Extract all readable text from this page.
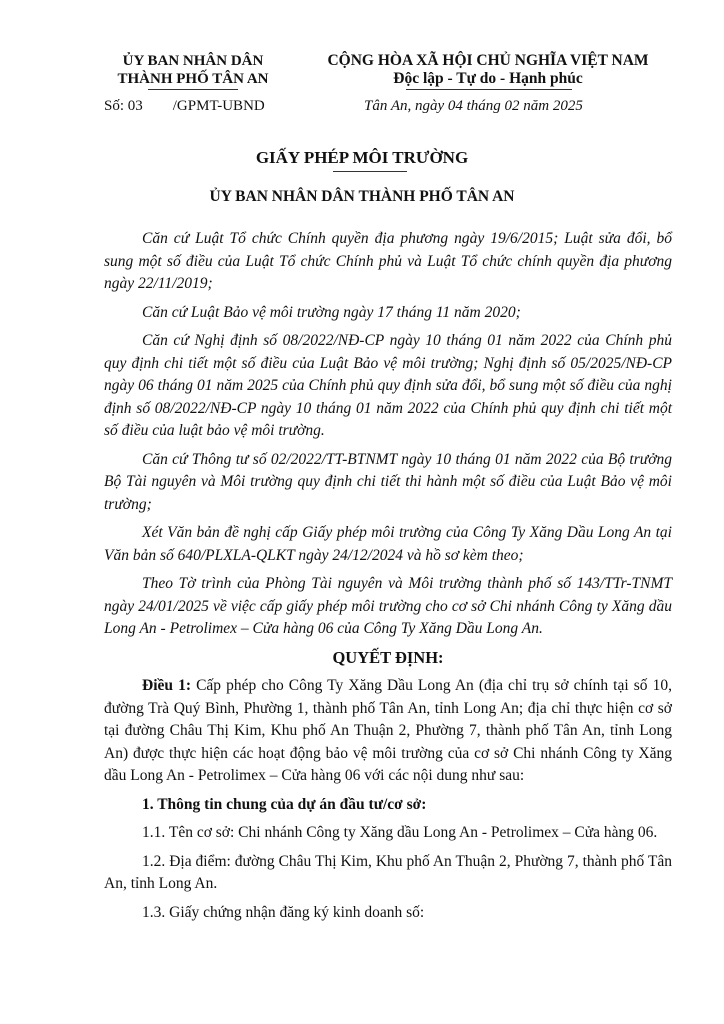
ỦY BAN NHÂN DÂN
THÀNH PHỐ TÂN AN
CỘNG HÒA XÃ HỘI CHỦ NGHĨA VIỆT NAM
Độc lập - Tự do - Hạnh phúc
Số: 03 /GPMT-UBND	Tân An, ngày 04 tháng 02 năm 2025
GIẤY PHÉP MÔI TRƯỜNG
ỦY BAN NHÂN DÂN THÀNH PHỐ TÂN AN

Căn cứ Luật Tổ chức Chính quyền địa phương ngày 19/6/2015; Luật sửa đổi, bổ sung một số điều của Luật Tổ chức Chính phủ và Luật Tổ chức chính quyền địa phương ngày 22/11/2019;

Căn cứ Luật Bảo vệ môi trường ngày 17 tháng 11 năm 2020;

Căn cứ Nghị định số 08/2022/NĐ-CP ngày 10 tháng 01 năm 2022 của Chính phủ quy định chi tiết một số điều của Luật Bảo vệ môi trường; Nghị định số 05/2025/NĐ-CP ngày 06 tháng 01 năm 2025 của Chính phủ quy định sửa đổi, bổ sung một số điều của nghị định số 08/2022/NĐ-CP ngày 10 tháng 01 năm 2022 của Chính phủ quy định chi tiết một số điều của luật bảo vệ môi trường.

Căn cứ Thông tư số 02/2022/TT-BTNMT ngày 10 tháng 01 năm 2022 của Bộ trưởng Bộ Tài nguyên và Môi trường quy định chi tiết thi hành một số điều của Luật Bảo vệ môi trường;

Xét Văn bản đề nghị cấp Giấy phép môi trường của Công Ty Xăng Dầu Long An tại Văn bản số 640/PLXLA-QLKT ngày 24/12/2024 và hồ sơ kèm theo;

Theo Tờ trình của Phòng Tài nguyên và Môi trường thành phố số 143/TTr-TNMT ngày 24/01/2025 về việc cấp giấy phép môi trường cho cơ sở Chi nhánh Công ty Xăng dầu Long An - Petrolimex – Cửa hàng 06 của Công Ty Xăng Dầu Long An.

QUYẾT ĐỊNH:

Điều 1: Cấp phép cho Công Ty Xăng Dầu Long An (địa chỉ trụ sở chính tại số 10, đường Trà Quý Bình, Phường 1, thành phố Tân An, tỉnh Long An; địa chỉ thực hiện cơ sở tại đường Châu Thị Kim, Khu phố An Thuận 2, Phường 7, thành phố Tân An, tỉnh Long An) được thực hiện các hoạt động bảo vệ môi trường của cơ sở Chi nhánh Công ty Xăng dầu Long An - Petrolimex – Cửa hàng 06 với các nội dung như sau:

1. Thông tin chung của dự án đầu tư/cơ sở:

1.1. Tên cơ sở: Chi nhánh Công ty Xăng dầu Long An - Petrolimex – Cửa hàng 06.

1.2. Địa điểm: đường Châu Thị Kim, Khu phố An Thuận 2, Phường 7, thành phố Tân An, tỉnh Long An.

1.3. Giấy chứng nhận đăng ký kinh doanh số:
